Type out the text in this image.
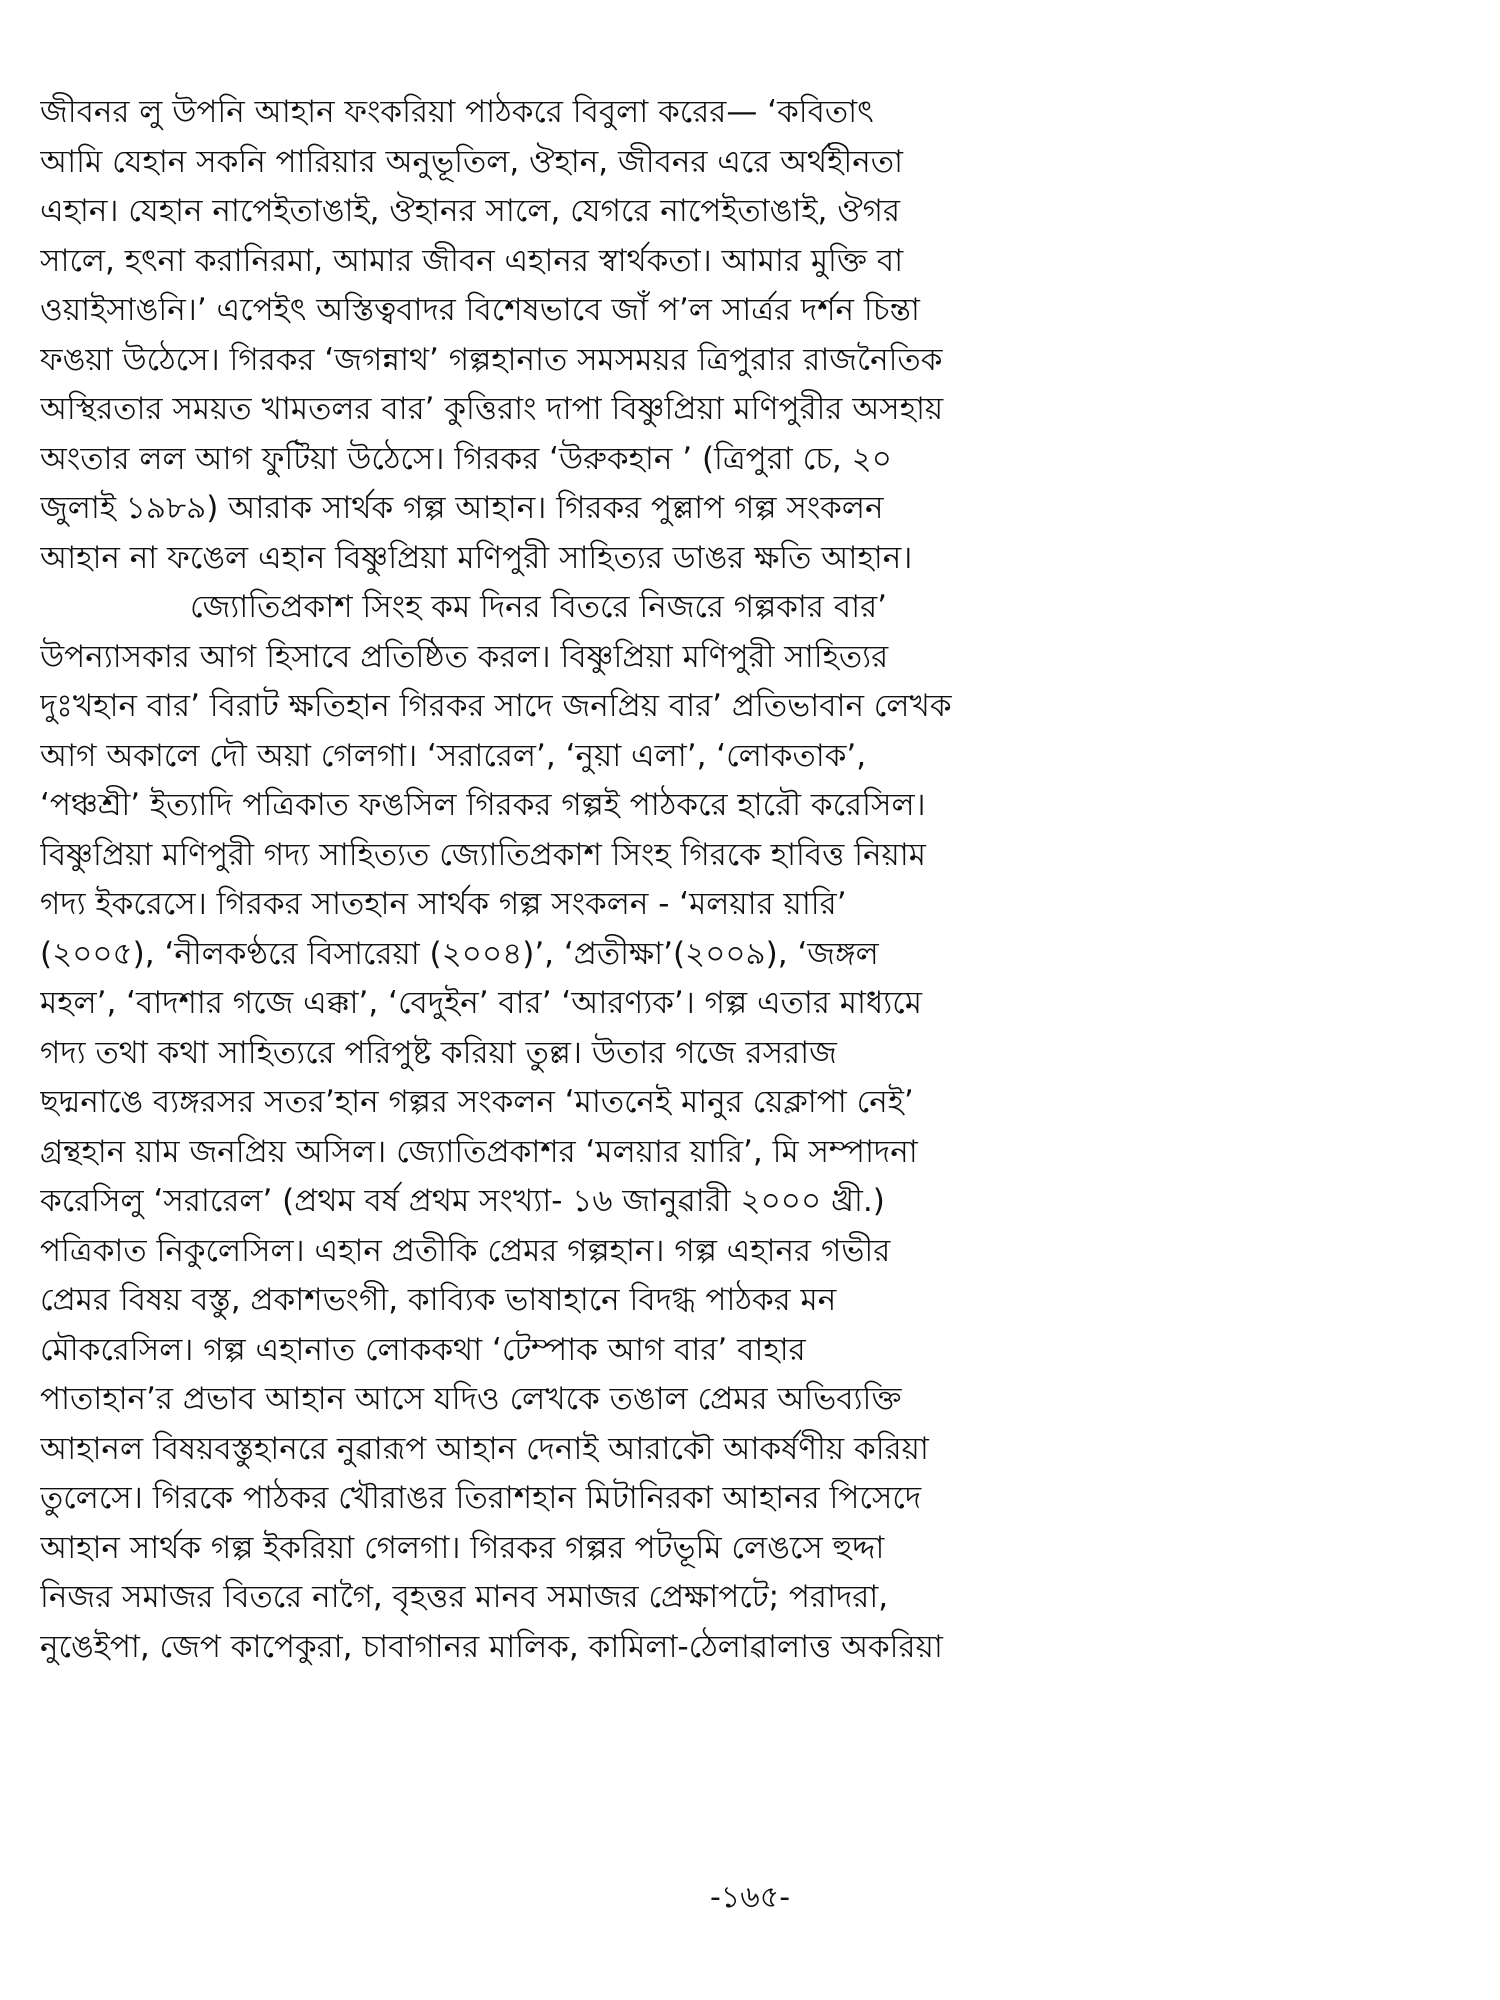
জীবনর লু উপনি আহান ফংকরিয়া পাঠকরে বিবুলা করের— ‘কবিতাৎ
আমি যেহান সকনি পারিয়ার অনুভূতিল, ঔহান, জীবনর এরে অর্থহীনতা
এহান। যেহান নাপেইতাঙাই, ঔহানর সালে, যেগরে নাপেইতাঙাই, ঔগর
সালে, হৎনা করানিরমা, আমার জীবন এহানর স্বার্থকতা। আমার মুক্তি বা
ওয়াইসাঙনি।’ এপেইৎ অস্তিত্ববাদর বিশেষভাবে জাঁ প’ল সার্ত্রর দর্শন চিন্তা
ফঙয়া উঠেসে। গিরকর ‘জগন্নাথ’ গল্পহানাত সমসময়র ত্রিপুরার রাজনৈতিক
অস্থিরতার সময়ত খামতলর বার’ কুত্তিরাং দাপা বিষ্ণুপ্রিয়া মণিপুরীর অসহায়
অংতার লল আগ ফুটিয়া উঠেসে। গিরকর ‘উরুকহান ’ (ত্রিপুরা চে, ২০
জুলাই ১৯৮৯) আরাক সার্থক গল্প আহান। গিরকর পুল্লাপ গল্প সংকলন
আহান না ফঙেল এহান বিষ্ণুপ্রিয়া মণিপুরী সাহিত্যর ডাঙর ক্ষতি আহান।
জ্যোতিপ্রকাশ সিংহ কম দিনর বিতরে নিজরে গল্পকার বার’
উপন্যাসকার আগ হিসাবে প্রতিষ্ঠিত করল। বিষ্ণুপ্রিয়া মণিপুরী সাহিত্যর
দুঃখহান বার’ বিরাট ক্ষতিহান গিরকর সাদে জনপ্রিয় বার’ প্রতিভাবান লেখক
আগ অকালে দৌ অয়া গেলগা। ‘সরারেল’, ‘নুয়া এলা’, ‘লোকতাক’,
‘পঞ্চশ্রী’ ইত্যাদি পত্রিকাত ফঙসিল গিরকর গল্পই পাঠকরে হারৌ করেসিল।
বিষ্ণুপ্রিয়া মণিপুরী গদ্য সাহিত্যত জ্যোতিপ্রকাশ সিংহ গিরকে হাবিত্ত নিয়াম
গদ্য ইকরেসে। গিরকর সাতহান সার্থক গল্প সংকলন - ‘মলয়ার য়ারি’
(২০০৫), ‘নীলকণ্ঠরে বিসারেয়া (২০০৪)’, ‘প্রতীক্ষা’(২০০৯), ‘জঙ্গল
মহল’, ‘বাদশার গজে এক্কা’, ‘বেদুইন’ বার’ ‘আরণ্যক’। গল্প এতার মাধ্যমে
গদ্য তথা কথা সাহিত্যরে পরিপুষ্ট করিয়া তুল্ল। উতার গজে রসরাজ
ছদ্মনাঙে ব্যঙ্গরসর সতর’হান গল্পর সংকলন ‘মাতনেই মানুর য়েক্লাপা নেই’
গ্রন্থহান য়াম জনপ্রিয় অসিল। জ্যোতিপ্রকাশর ‘মলয়ার য়ারি’, মি সম্পাদনা
করেসিলু ‘সরারেল’ (প্রথম বর্ষ প্রথম সংখ্যা- ১৬ জানুৱারী ২০০০ খ্রী.)
পত্রিকাত নিকুলেসিল। এহান প্রতীকি প্রেমর গল্পহান। গল্প এহানর গভীর
প্রেমর বিষয় বস্তু, প্রকাশভংগী, কাব্যিক ভাষাহানে বিদগ্ধ পাঠকর মন
মৌকরেসিল। গল্প এহানাত লোককথা ‘টেম্পাক আগ বার’ বাহার
পাতাহান’র প্রভাব আহান আসে যদিও লেখকে তঙাল প্রেমর অভিব্যক্তি
আহানল বিষয়বস্তুহানরে নুৱারূপ আহান দেনাই আরাকৌ আকর্ষণীয় করিয়া
তুলেসে। গিরকে পাঠকর খৌরাঙর তিরাশহান মিটানিরকা আহানর পিসেদে
আহান সার্থক গল্প ইকরিয়া গেলগা। গিরকর গল্পর পটভূমি লেঙসে হুদ্দা
নিজর সমাজর বিতরে নাগৈ, বৃহত্তর মানব সমাজর প্রেক্ষাপটে; পরাদরা,
নুঙেইপা, জেপ কাপেকুরা, চাবাগানর মালিক, কামিলা-ঠেলাৱালাত্ত অকরিয়া
-১৬৫-
